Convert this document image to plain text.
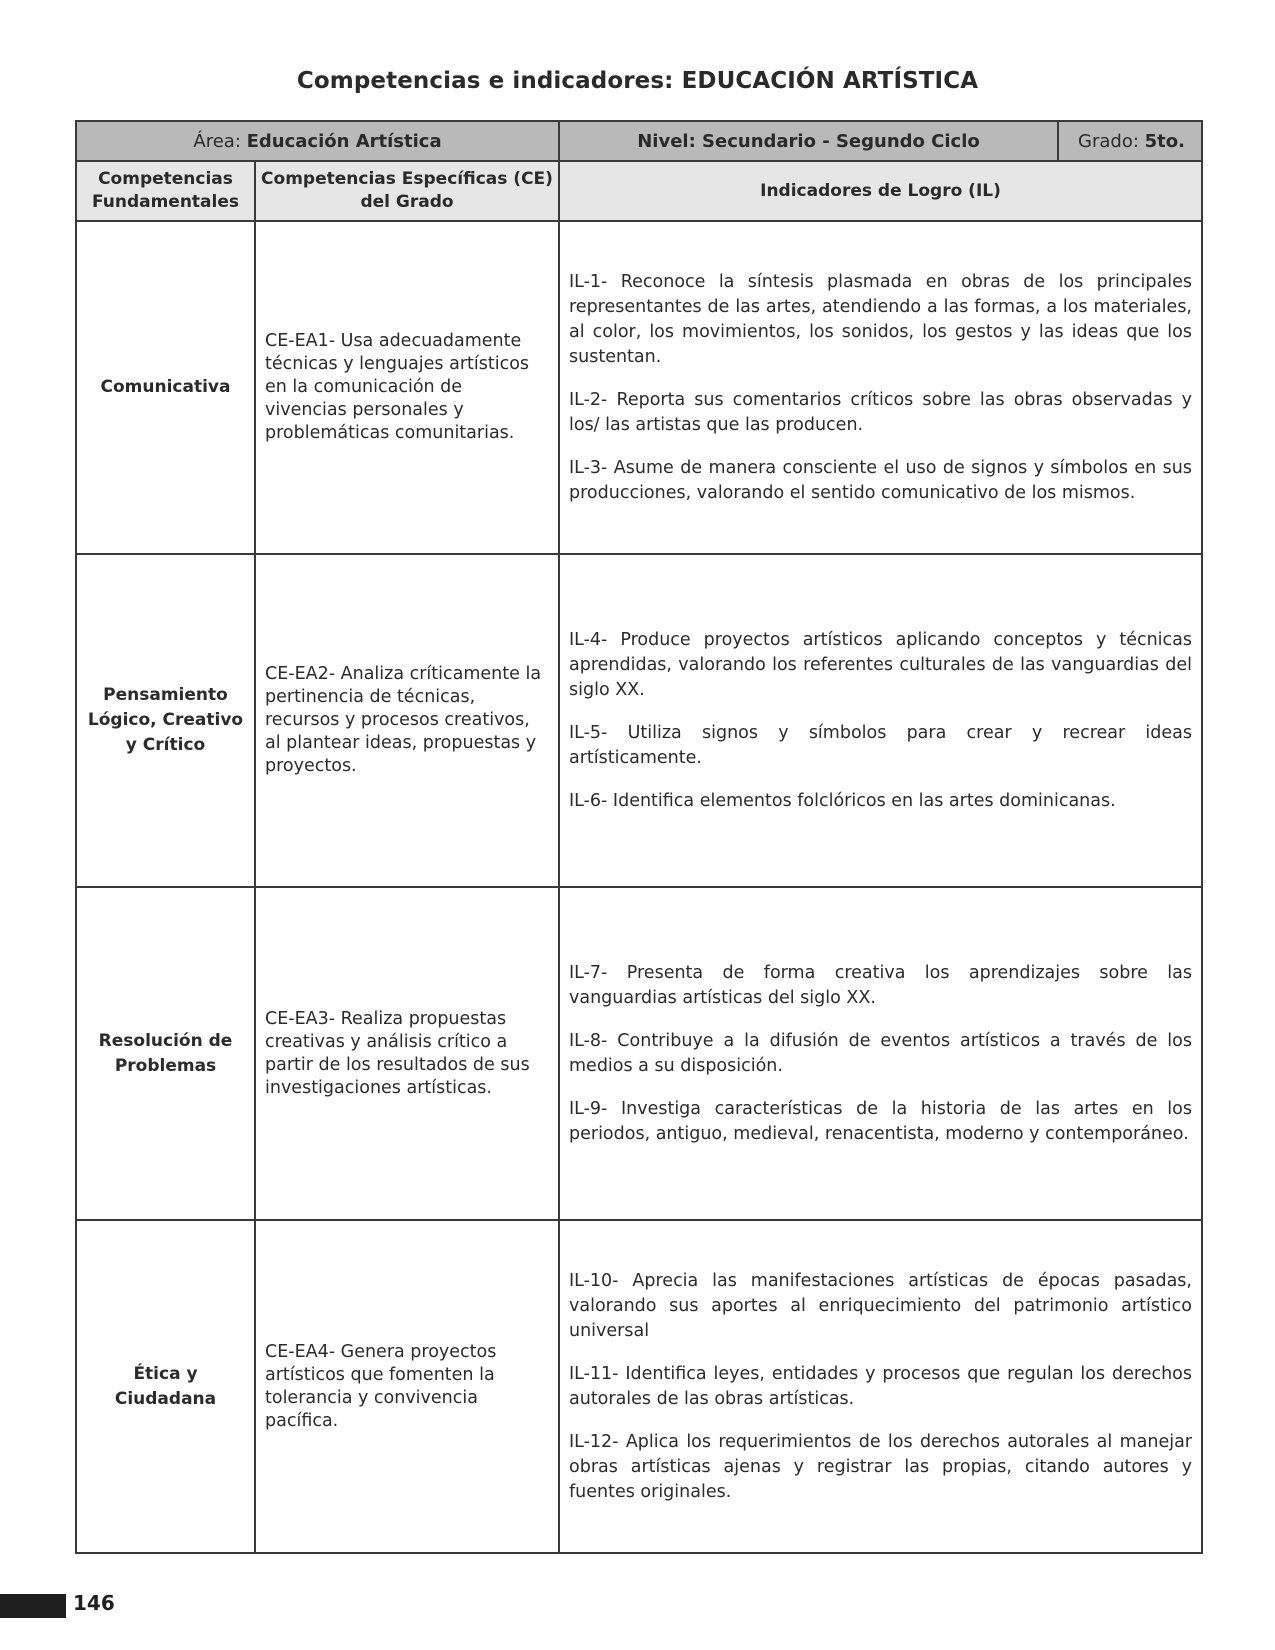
Competencias e indicadores: EDUCACIÓN ARTÍSTICA
Área: Educación Artística		Nivel: Secundario - Segundo Ciclo	Grado: 5to.
Competencias Fundamentales	Competencias Específicas (CE) del Grado	Indicadores de Logro (IL)	
Comunicativa	CE-EA1- Usa adecuadamente técnicas y lenguajes artísticos en la comunicación de vivencias personales y problemáticas comunitarias.	IL-1- Reconoce la síntesis plasmada en obras de los principales representantes de las artes, atendiendo a las formas, a los materiales, al color, los movimientos, los sonidos, los gestos y las ideas que los sustentan.

IL-2- Reporta sus comentarios críticos sobre las obras observadas y los/ las artistas que las producen.

IL-3- Asume de manera consciente el uso de signos y símbolos en sus producciones, valorando el sentido comunicativo de los mismos.	

Pensamiento Lógico, Creativo y Crítico	CE-EA2- Analiza críticamente la pertinencia de técnicas, recursos y procesos creativos, al plantear ideas, propuestas y proyectos.	IL-4- Produce proyectos artísticos aplicando conceptos y técnicas aprendidas, valorando los referentes culturales de las vanguardias del siglo XX.

IL-5- Utiliza signos y símbolos para crear y recrear ideas artísticamente.

IL-6- Identifica elementos folclóricos en las artes dominicanas.	

Resolución de Problemas	CE-EA3- Realiza propuestas creativas y análisis crítico a partir de los resultados de sus investigaciones artísticas.	IL-7- Presenta de forma creativa los aprendizajes sobre las vanguardias artísticas del siglo XX.

IL-8- Contribuye a la difusión de eventos artísticos a través de los medios a su disposición.

IL-9- Investiga características de la historia de las artes en los periodos, antiguo, medieval, renacentista, moderno y contemporáneo.	

Ética y Ciudadana	CE-EA4- Genera proyectos artísticos que fomenten la tolerancia y convivencia pacífica.	IL-10- Aprecia las manifestaciones artísticas de épocas pasadas, valorando sus aportes al enriquecimiento del patrimonio artístico universal

IL-11- Identifica leyes, entidades y procesos que regulan los derechos autorales de las obras artísticas.

IL-12- Aplica los requerimientos de los derechos autorales al manejar obras artísticas ajenas y registrar las propias, citando autores y fuentes originales.	

146
